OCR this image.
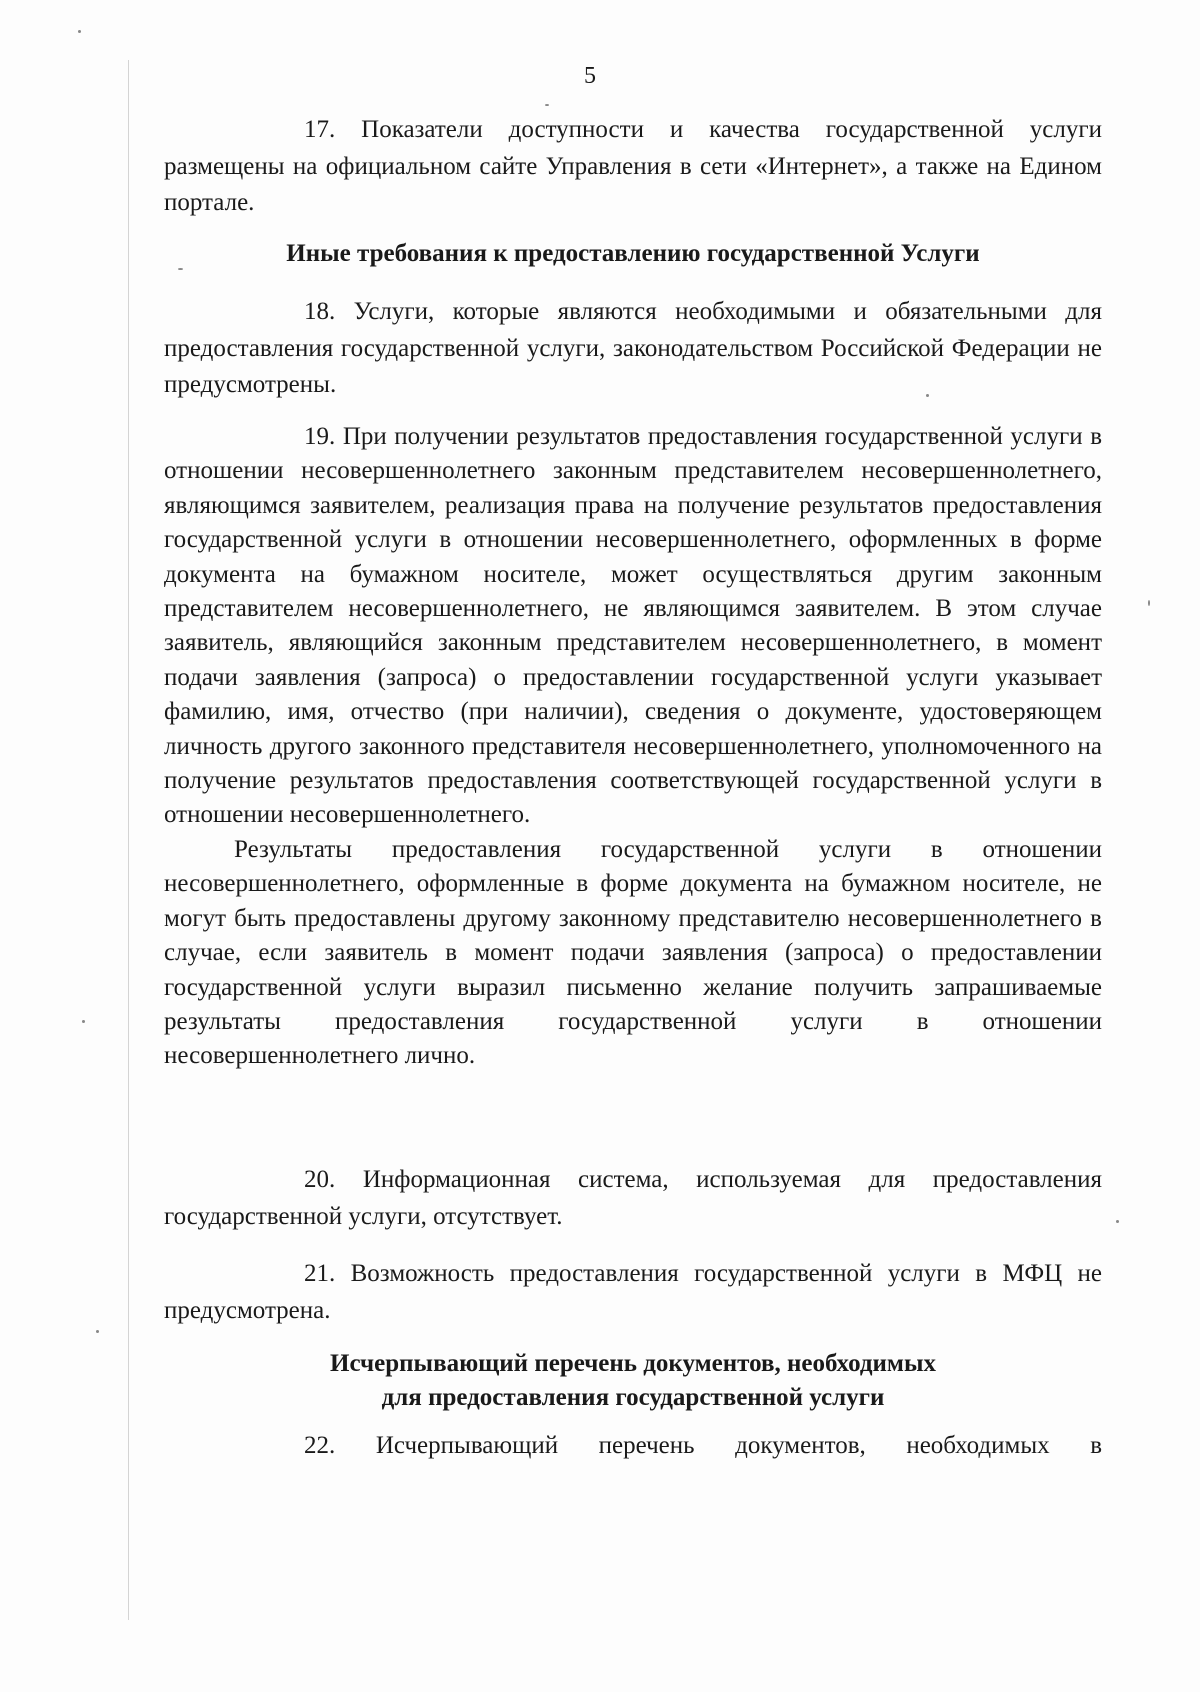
5

17. Показатели доступности и качества государственной услуги размещены на официальном сайте Управления в сети «Интернет», а также на Едином портале.

Иные требования к предоставлению государственной Услуги

18. Услуги, которые являются необходимыми и обязательными для предоставления государственной услуги, законодательством Российской Федерации не предусмотрены.

19. При получении результатов предоставления государственной услуги в отношении несовершеннолетнего законным представителем несовершеннолетнего, являющимся заявителем, реализация права на получение результатов предоставления государственной услуги в отношении несовершеннолетнего, оформленных в форме документа на бумажном носителе, может осуществляться другим законным представителем несовершеннолетнего, не являющимся заявителем. В этом случае заявитель, являющийся законным представителем несовершеннолетнего, в момент подачи заявления (запроса) о предоставлении государственной услуги указывает фамилию, имя, отчество (при наличии), сведения о документе, удостоверяющем личность другого законного представителя несовершеннолетнего, уполномоченного на получение результатов предоставления соответствующей государственной услуги в отношении несовершеннолетнего.

Результаты предоставления государственной услуги в отношении несовершеннолетнего, оформленные в форме документа на бумажном носителе, не могут быть предоставлены другому законному представителю несовершеннолетнего в случае, если заявитель в момент подачи заявления (запроса) о предоставлении государственной услуги выразил письменно желание получить запрашиваемые результаты предоставления государственной услуги в отношении несовершеннолетнего лично.

20. Информационная система, используемая для предоставления государственной услуги, отсутствует.

21. Возможность предоставления государственной услуги в МФЦ не предусмотрена.

Исчерпывающий перечень документов, необходимых

для предоставления государственной услуги

22. Исчерпывающий перечень документов, необходимых в
